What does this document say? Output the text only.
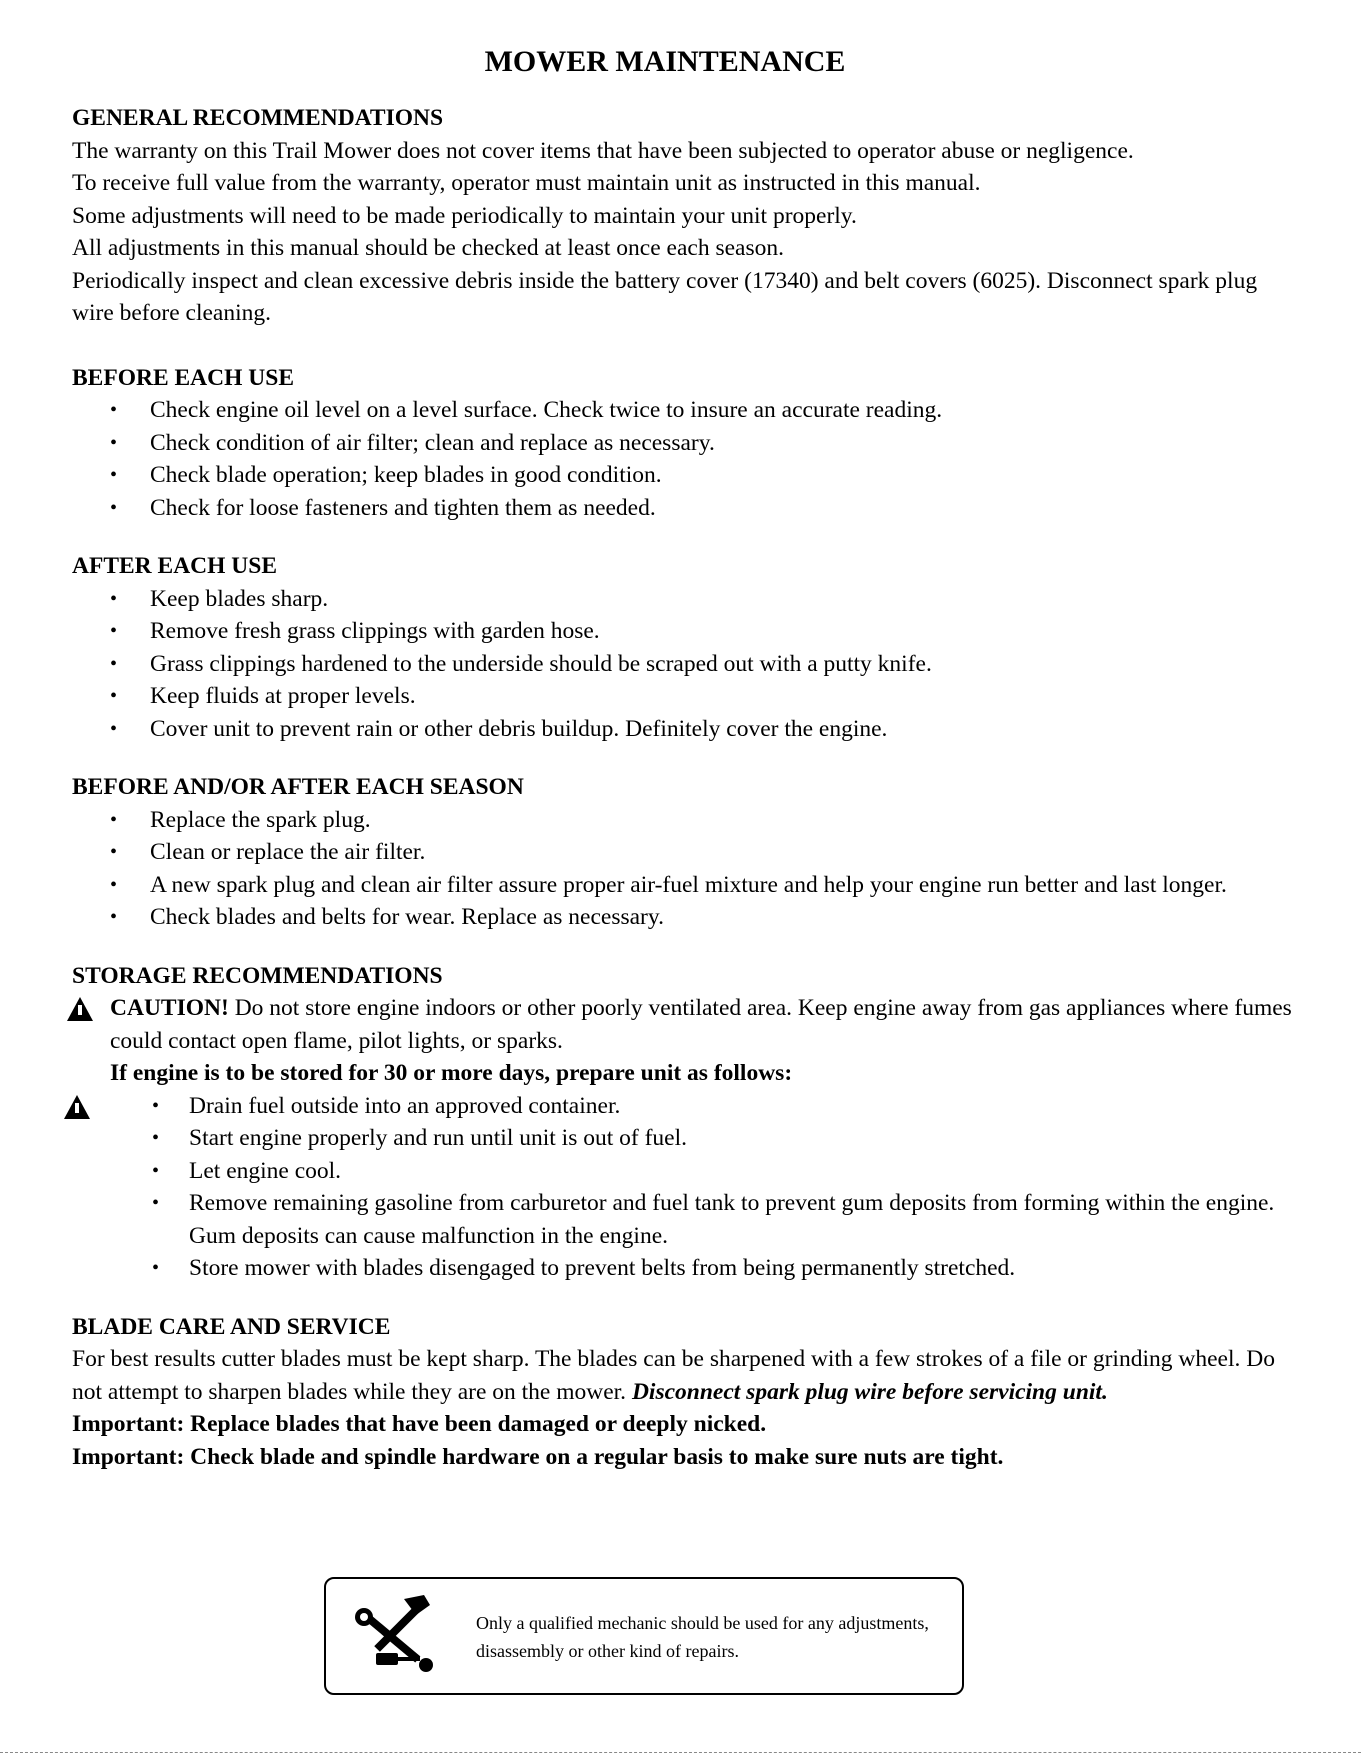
MOWER MAINTENANCE

GENERAL RECOMMENDATIONS

The warranty on this Trail Mower does not cover items that have been subjected to operator abuse or negligence.

To receive full value from the warranty, operator must maintain unit as instructed in this manual.

Some adjustments will need to be made periodically to maintain your unit properly.

All adjustments in this manual should be checked at least once each season.

Periodically inspect and clean excessive debris inside the battery cover (17340) and belt covers (6025). Disconnect spark plug wire before cleaning.

BEFORE EACH USE

• Check engine oil level on a level surface. Check twice to insure an accurate reading.
• Check condition of air filter; clean and replace as necessary.
• Check blade operation; keep blades in good condition.
• Check for loose fasteners and tighten them as needed.

AFTER EACH USE

• Keep blades sharp.
• Remove fresh grass clippings with garden hose.
• Grass clippings hardened to the underside should be scraped out with a putty knife.
• Keep fluids at proper levels.
• Cover unit to prevent rain or other debris buildup. Definitely cover the engine.

BEFORE AND/OR AFTER EACH SEASON

• Replace the spark plug.
• Clean or replace the air filter.
• A new spark plug and clean air filter assure proper air-fuel mixture and help your engine run better and last longer.
• Check blades and belts for wear. Replace as necessary.

STORAGE RECOMMENDATIONS

CAUTION! Do not store engine indoors or other poorly ventilated area. Keep engine away from gas appliances where fumes could contact open flame, pilot lights, or sparks.
If engine is to be stored for 30 or more days, prepare unit as follows:
• Drain fuel outside into an approved container.
• Start engine properly and run until unit is out of fuel.
• Let engine cool.
• Remove remaining gasoline from carburetor and fuel tank to prevent gum deposits from forming within the engine. Gum deposits can cause malfunction in the engine.
• Store mower with blades disengaged to prevent belts from being permanently stretched.

BLADE CARE AND SERVICE

For best results cutter blades must be kept sharp. The blades can be sharpened with a few strokes of a file or grinding wheel. Do not attempt to sharpen blades while they are on the mower. Disconnect spark plug wire before servicing unit.

Important: Replace blades that have been damaged or deeply nicked.

Important: Check blade and spindle hardware on a regular basis to make sure nuts are tight.

Only a qualified mechanic should be used for any adjustments, disassembly or other kind of repairs.
